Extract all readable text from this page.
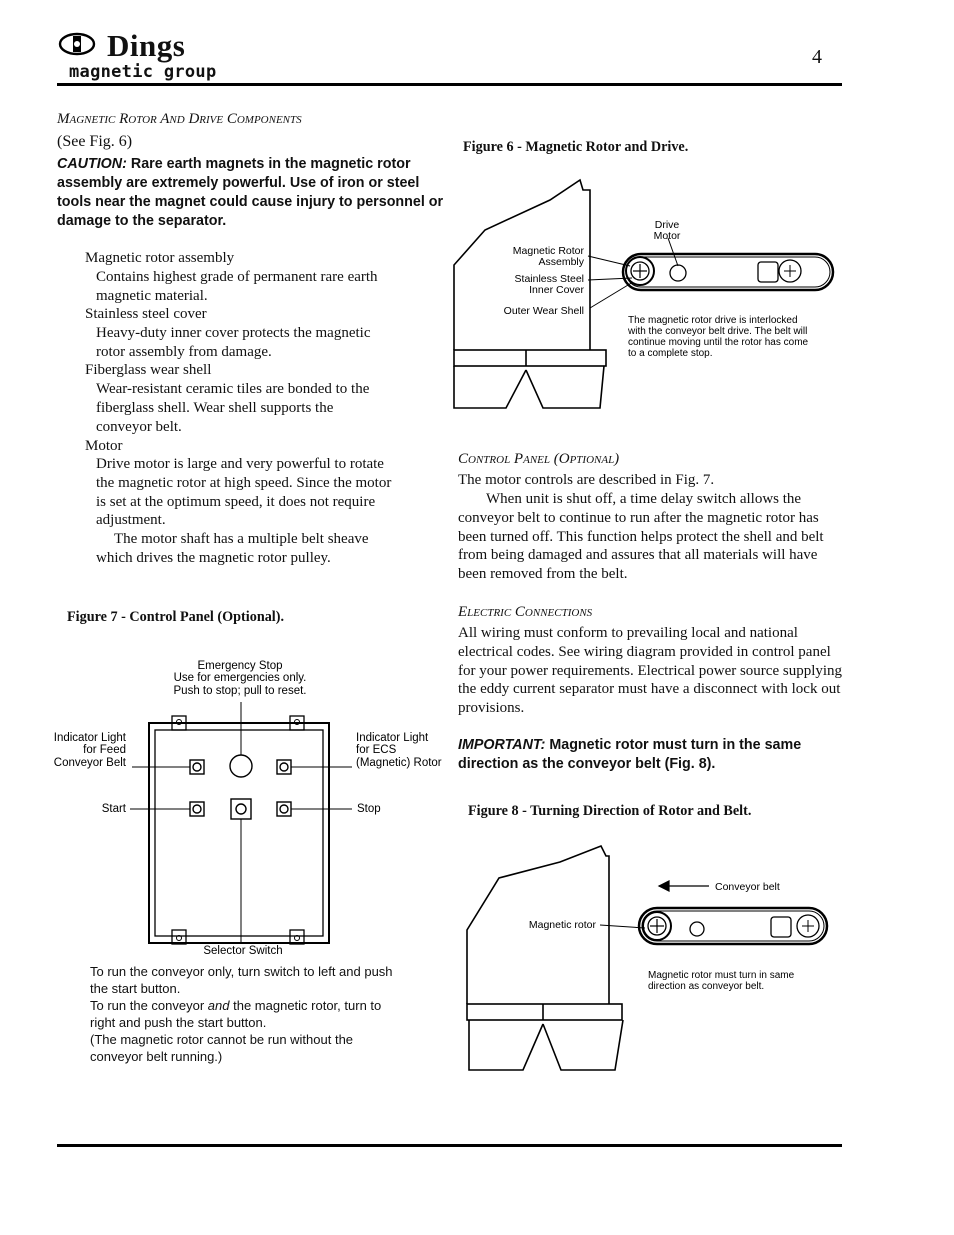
Dings
magnetic group
4
Magnetic Rotor And Drive Components
(See Fig. 6)
CAUTION: Rare earth magnets in the magnetic rotor assembly are extremely powerful. Use of iron or steel tools near the magnet could cause injury to personnel or damage to the separator.
Magnetic rotor assembly
Contains highest grade of permanent rare earth magnetic material.
Stainless steel cover
Heavy-duty inner cover protects the magnetic rotor assembly from damage.
Fiberglass wear shell
Wear-resistant ceramic tiles are bonded to the fiberglass shell. Wear shell supports the conveyor belt.
Motor
Drive motor is large and very powerful to rotate the magnetic rotor at high speed. Since the motor is set at the optimum speed, it does not require adjustment.
The motor shaft has a multiple belt sheave which drives the magnetic rotor pulley.
Figure 6 - Magnetic Rotor and Drive.
Drive
Motor
Magnetic Rotor
Assembly
Stainless Steel
Inner Cover
Outer Wear Shell
The magnetic rotor drive is interlocked
with the conveyor belt drive. The belt will
continue moving until the rotor has come
to a complete stop.
Control Panel (Optional)
The motor controls are described in Fig. 7.
When unit is shut off, a time delay switch allows the conveyor belt to continue to run after the magnetic rotor has been turned off. This function helps protect the shell and belt from being damaged and assures that all materials will have been removed from the belt.
Electric Connections
All wiring must conform to prevailing local and national electrical codes. See wiring diagram provided in control panel for your power requirements. Electrical power source supplying the eddy current separator must have a disconnect with lock out provisions.
IMPORTANT: Magnetic rotor must turn in the same direction as the conveyor belt (Fig. 8).
Figure 7 - Control Panel (Optional).
Emergency Stop
Use for emergencies only.
Push to stop; pull to reset.
Indicator Light
for Feed
Conveyor Belt
Indicator Light
for ECS
(Magnetic) Rotor
Start	Stop
Selector Switch
To run the conveyor only, turn switch to left and push the start button.
To run the conveyor and the magnetic rotor, turn to right and push the start button.
(The magnetic rotor cannot be run without the conveyor belt running.)
Figure 8 - Turning Direction of Rotor and Belt.
Conveyor belt
Magnetic rotor
Magnetic rotor must turn in same
direction as conveyor belt.
